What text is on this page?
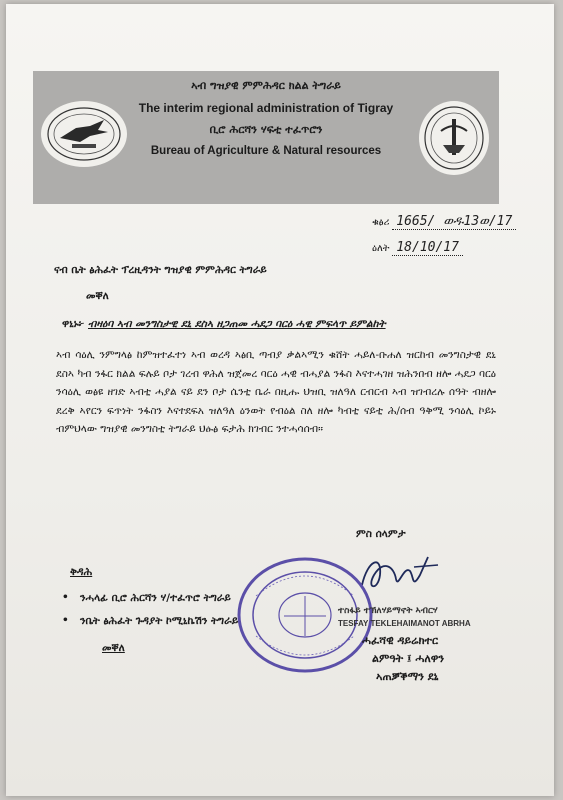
ኣብ ግዝያዊ ምምሕዳር ክልል ትግራይ
The interim regional administration of Tigray
ቢሮ ሕርሻን ሃፍቲ ተፈጥሮን
Bureau of Agriculture & Natural resources
ቁፅሪ 1665/ ወዱ13ወ/17
ዕለት 18/10/17
ናብ ቤት ፅሕፈት ፕረዚዳንት ግዝያዊ ምምሕዳር ትግራይ
መቐለ
ዋኒኑ፦ ብዛዕባ ኣብ መንግስታዊ ደኒ ደስኣ ዘጋጠመ ሓደጋ ባርዕ ሓዊ ምፍላጥ ይምልከት
ኣብ ሳዕሊ ንምግላፅ ከምዝተፈተነ ኣብ ወረዳ ኣፅቢ ጣብያ ቃልኣሚን ቁሸት ሓይለ-ቡሐለ ዝርከብ መንግስታዊ ደኒ ደስኣ ካብ ንፋር ክልል ፍሉይ ቦታ ገረብ ዋሕለ ዝጀመረ ባርዕ ሓዊ ብሓያል ንፋስ እናተሓገዘ ዝሕንበብ ዘሎ ሓደጋ ባርዕ ንሳዕሊ ወፅዩ ዘገድ ኣብቲ ሓያል ናይ ደን ቦታ ሴንቲ ቤራ በዚሑ ህዝቢ ዝለዓለ ርብርብ ኣብ ዝገብረሉ ሰዓት ብዘሎ ደረቅ ኣየርን ፍጥነት ንፋስን እናተደፍአ ዝለዓለ ዕንወት የብዕል ስለ ዘሎ ካብቲ ናይቲ ሕ/ሰብ ዓቅሚ ንሳዕሊ ኮይኑ ብምህላው ግዝያዊ መንግስቲ ትግራይ ህፁፅ ፍታሕ ክገብር ንተሓሳሰብ።
ምስ ሰላምታ
ተስፋይ ተኽለሃይማኖት ኣብርሃ
TESFAY TEKLEHAIMANOT ABRHA
ሓፈሻዊ ዳይሬክተር
ልምዓት ፤ ሓለዋን
ኣጠቓቕማን ደኒ
ቅዳሕ
• ንሓላፊ ቢሮ ሕርሻን ሃ/ተፈጥሮ ትግራይ
• ንቤት ፅሕፈት ጉዳያት ኮሚኒኬሽን ትግራይ
መቐለ
